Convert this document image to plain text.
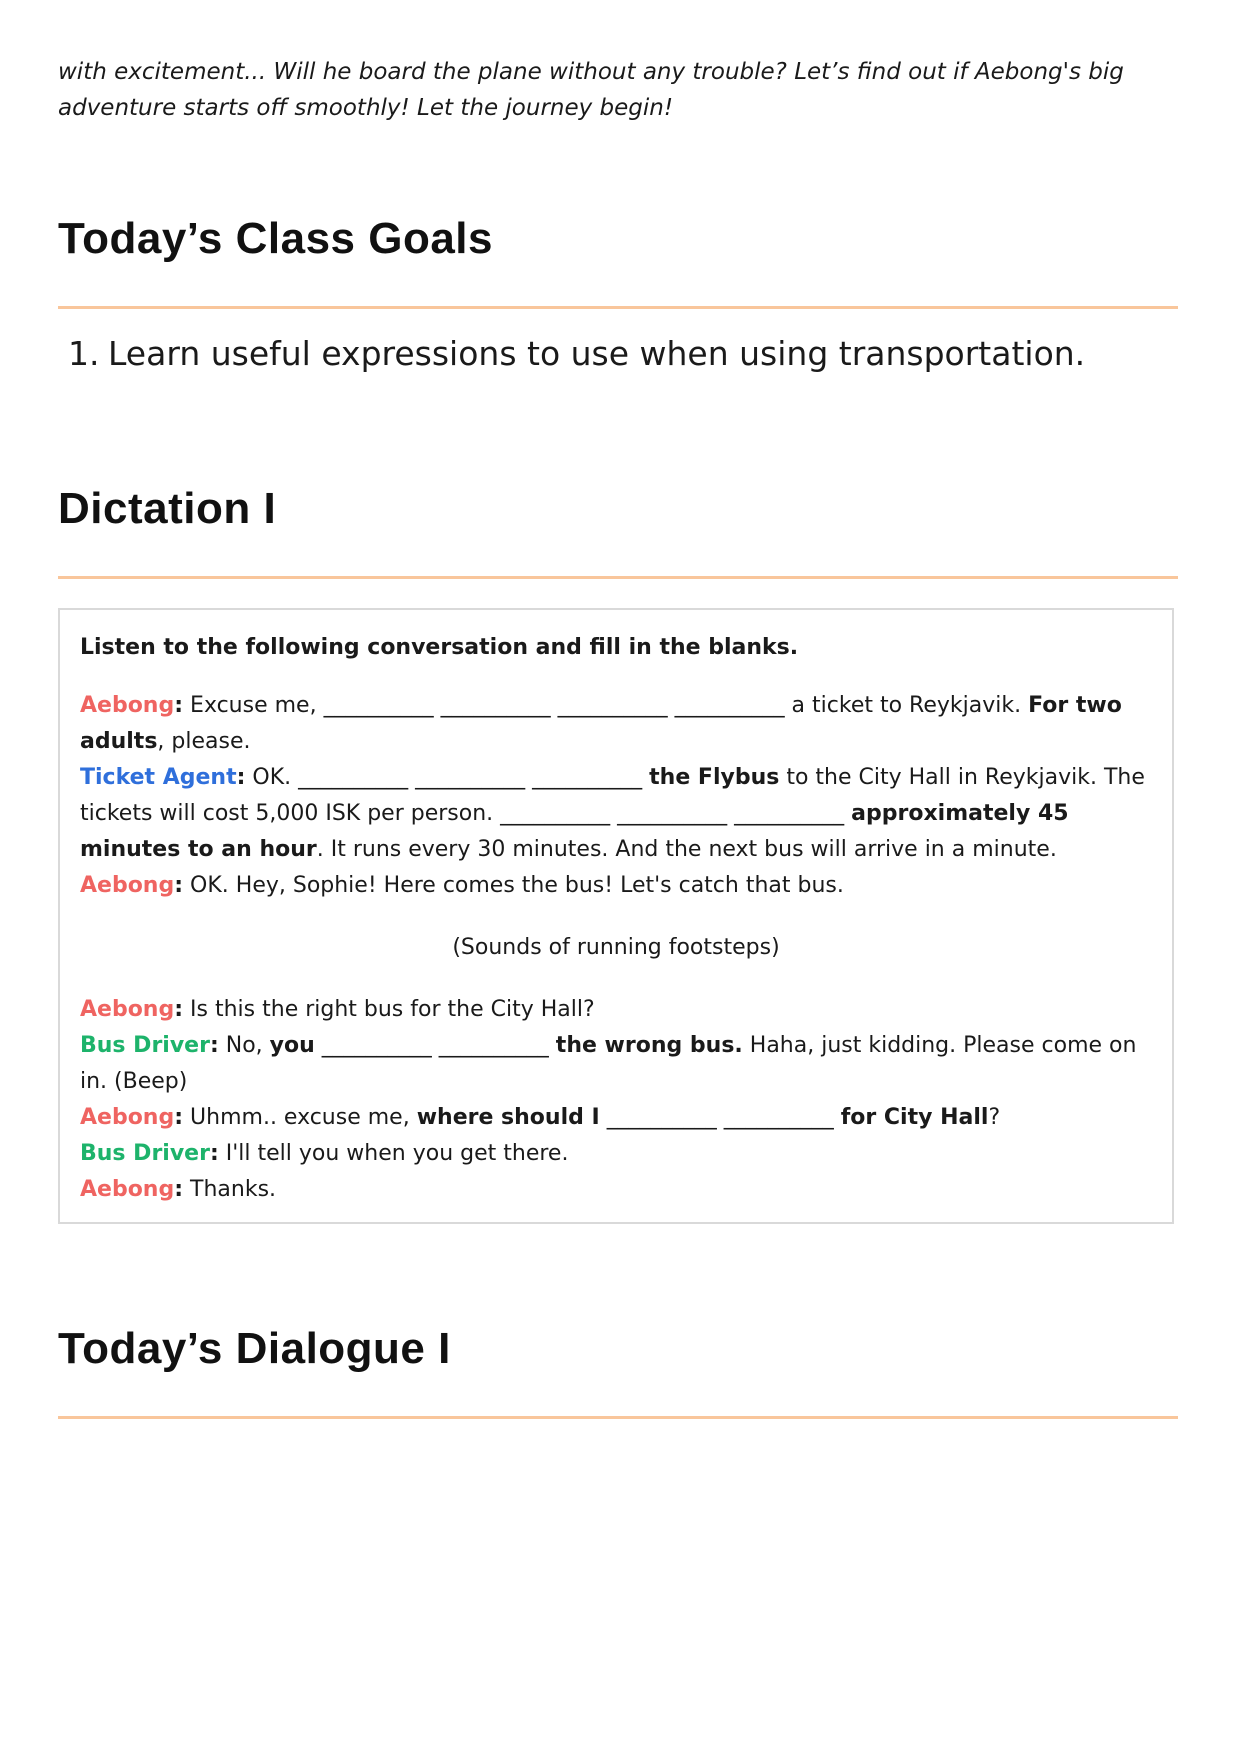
with excitement... Will he board the plane without any trouble? Let’s find out if Aebong's big
adventure starts off smoothly! Let the journey begin!
Today’s Class Goals
1. Learn useful expressions to use when using transportation.
Dictation I

Listen to the following conversation and fill in the blanks.

Aebong: Excuse me, __________ __________ __________ __________ a ticket to Reykjavik. For two adults, please.

Ticket Agent: OK. __________ __________ __________ the Flybus to the City Hall in Reykjavik. The tickets will cost 5,000 ISK per person. __________ __________ __________ approximately 45 minutes to an hour. It runs every 30 minutes. And the next bus will arrive in a minute.

Aebong: OK. Hey, Sophie! Here comes the bus! Let's catch that bus.

(Sounds of running footsteps)

Aebong: Is this the right bus for the City Hall?

Bus Driver: No, you __________ __________ the wrong bus. Haha, just kidding. Please come on in. (Beep)

Aebong: Uhmm.. excuse me, where should I __________ __________ for City Hall?

Bus Driver: I'll tell you when you get there.

Aebong: Thanks.

Today’s Dialogue I
